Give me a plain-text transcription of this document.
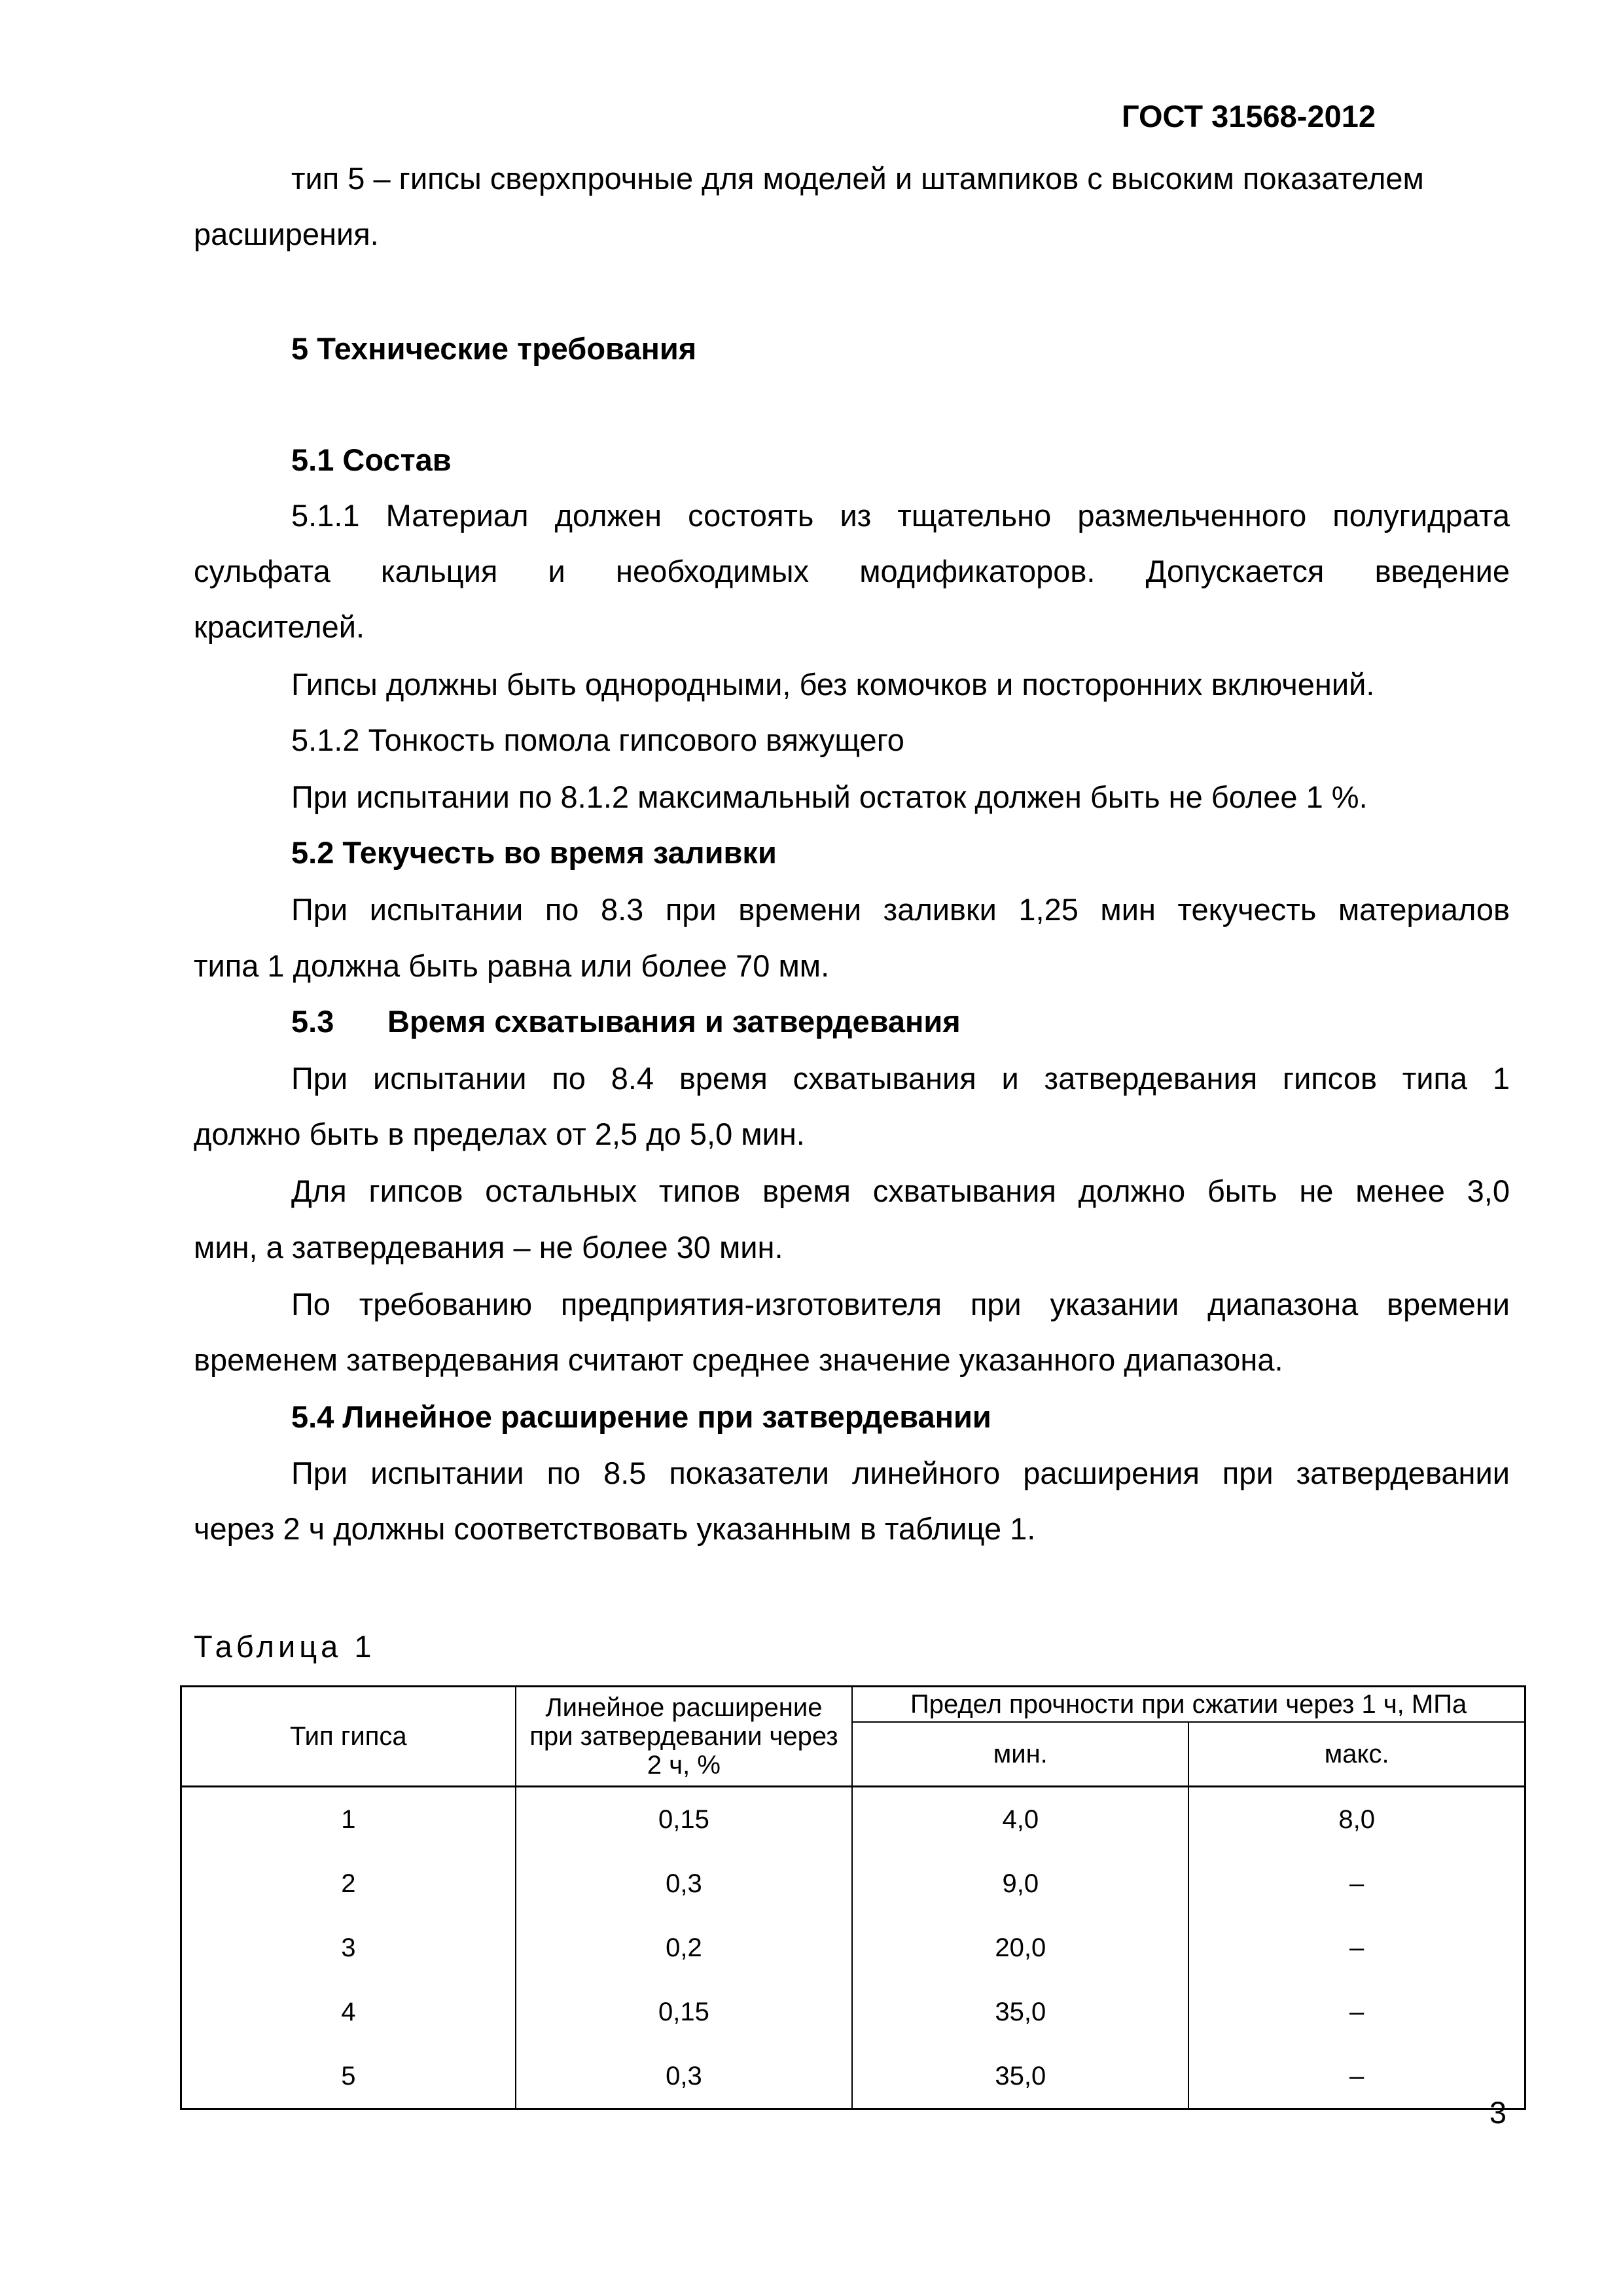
ГОСТ 31568-2012
тип 5 – гипсы сверхпрочные для моделей и штампиков с высоким показателем
расширения.
5 Технические требования
5.1 Состав
5.1.1 Материал должен состоять из тщательно размельченного полугидрата
сульфата кальция и необходимых модификаторов. Допускается введение
красителей.
Гипсы должны быть однородными, без комочков и посторонних включений.
5.1.2 Тонкость помола гипсового вяжущего
При испытании по 8.1.2 максимальный остаток должен быть не более 1 %.
5.2 Текучесть во время заливки
При испытании по 8.3 при времени заливки 1,25 мин текучесть материалов
типа 1 должна быть равна или более 70 мм.
5.3 Время схватывания и затвердевания
При испытании по 8.4 время схватывания и затвердевания гипсов типа 1
должно быть в пределах от 2,5 до 5,0 мин.
Для гипсов остальных типов время схватывания должно быть не менее 3,0
мин, а затвердевания – не более 30 мин.
По требованию предприятия-изготовителя при указании диапазона времени
временем затвердевания считают среднее значение указанного диапазона.
5.4 Линейное расширение при затвердевании
При испытании по 8.5 показатели линейного расширения при затвердевании
через 2 ч должны соответствовать указанным в таблице 1.
Таблица 1
Тип гипса	Линейное расширение при затвердевании через 2 ч, %	Предел прочности при сжатии через 1 ч, МПа	
		мин.	макс.
1	0,15	4,0	8,0
2	0,3	9,0	–
3	0,2	20,0	–
4	0,15	35,0	–
5	0,3	35,0	–
3
